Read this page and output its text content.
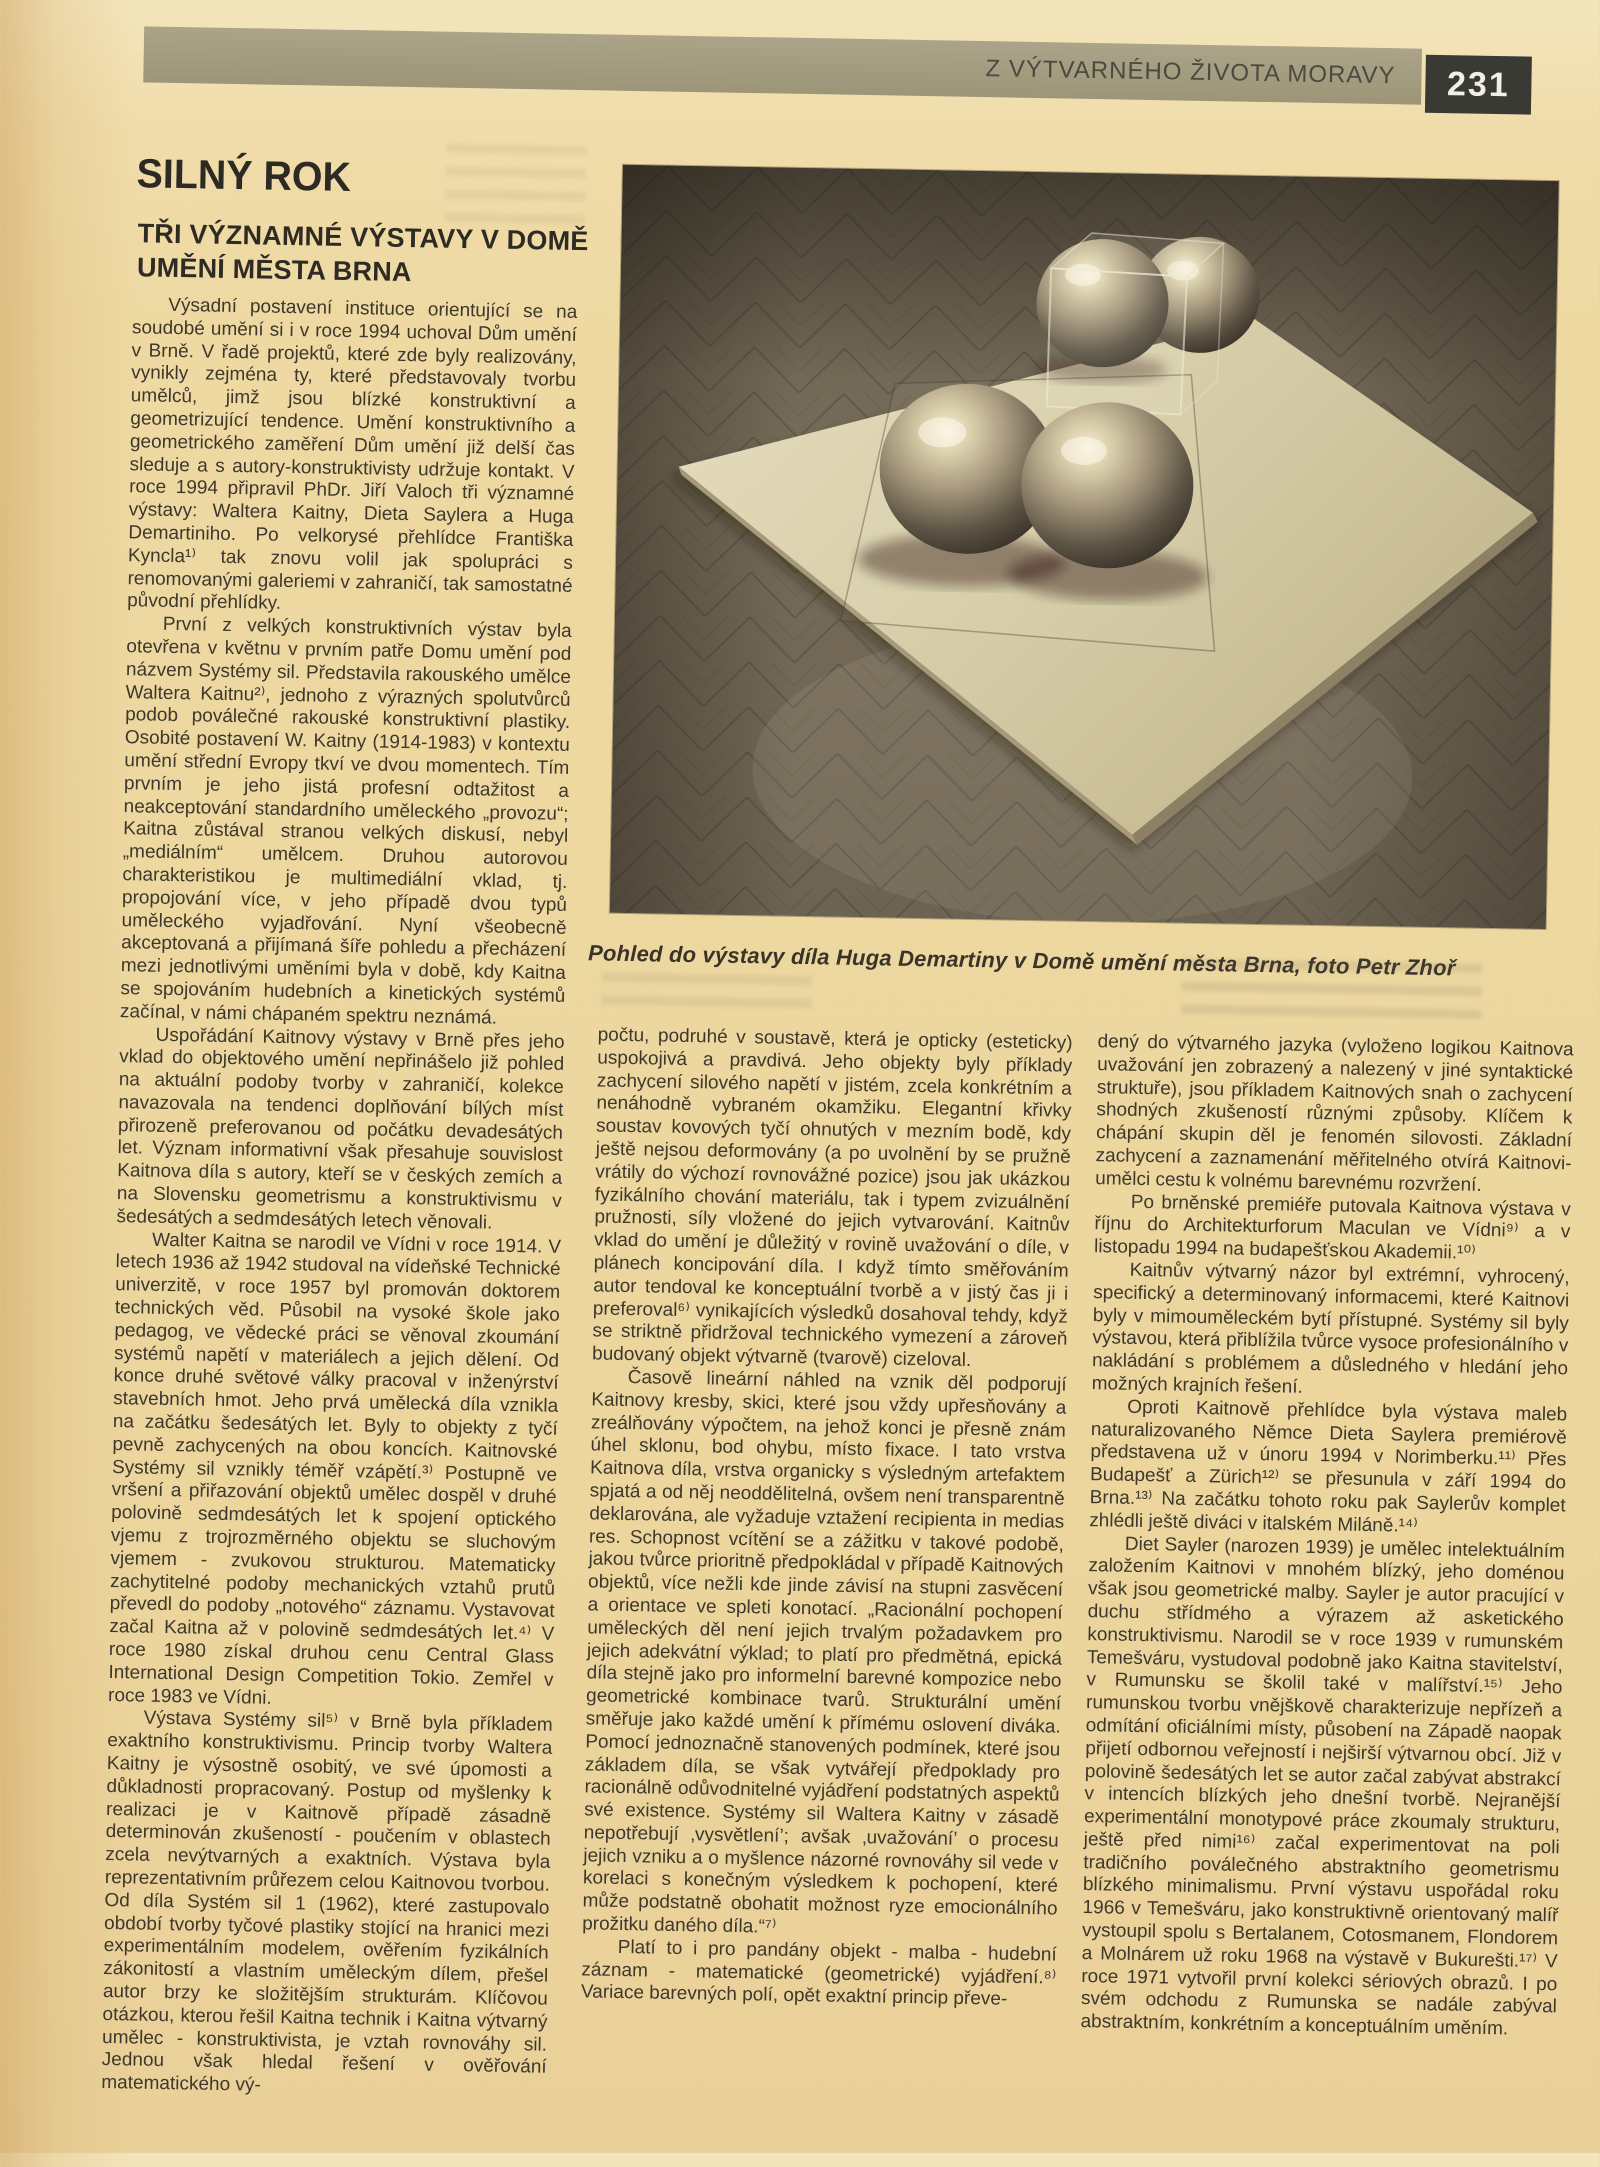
Z VÝTVARNÉHO ŽIVOTA MORAVY 231
SILNÝ ROK
TŘI VÝZNAMNÉ VÝSTAVY V DOMĚ
UMĚNÍ MĚSTA BRNA
Pohled do výstavy díla Huga Demartiny v Domě umění města Brna, foto Petr Zhoř

Výsadní postavení instituce orientující se na soudobé umění si i v roce 1994 uchoval Dům umění v Brně. V řadě projektů, které zde byly realizovány, vynikly zejména ty, které představovaly tvorbu umělců, jimž jsou blízké konstruktivní a geometrizující tendence. Umění konstruktivního a geometrického zaměření Dům umění již delší čas sleduje a s autory-konstruktivisty udržuje kontakt. V roce 1994 připravil PhDr. Jiří Valoch tři významné výstavy: Waltera Kaitny, Dieta Saylera a Huga Demartiniho. Po velkorysé přehlídce Františka Kyncla¹⁾ tak znovu volil jak spolupráci s renomovanými galeriemi v zahraničí, tak samostatné původní přehlídky.

První z velkých konstruktivních výstav byla otevřena v květnu v prvním patře Domu umění pod názvem Systémy sil. Představila rakouského umělce Waltera Kaitnu²⁾, jednoho z výrazných spolutvůrců podob poválečné rakouské konstruktivní plastiky. Osobité postavení W. Kaitny (1914-1983) v kontextu umění střední Evropy tkví ve dvou momentech. Tím prvním je jeho jistá profesní odtažitost a neakceptování standardního uměleckého „provozu“; Kaitna zůstával stranou velkých diskusí, nebyl „mediálním“ umělcem. Druhou autorovou charakteristikou je multimediální vklad, tj. propojování více, v jeho případě dvou typů uměleckého vyjadřování. Nyní všeobecně akceptovaná a přijímaná šíře pohledu a přecházení mezi jednotlivými uměními byla v době, kdy Kaitna se spojováním hudebních a kinetických systémů začínal, v námi chápaném spektru neznámá.

Uspořádání Kaitnovy výstavy v Brně přes jeho vklad do objektového umění nepřinášelo již pohled na aktuální podoby tvorby v zahraničí, kolekce navazovala na tendenci doplňování bílých míst přirozeně preferovanou od počátku devadesátých let. Význam informativní však přesahuje souvislost Kaitnova díla s autory, kteří se v českých zemích a na Slovensku geometrismu a konstruktivismu v šedesátých a sedmdesátých letech věnovali.

Walter Kaitna se narodil ve Vídni v roce 1914. V letech 1936 až 1942 studoval na vídeňské Technické univerzitě, v roce 1957 byl promován doktorem technických věd. Působil na vysoké škole jako pedagog, ve vědecké práci se věnoval zkoumání systémů napětí v materiálech a jejich dělení. Od konce druhé světové války pracoval v inženýrství stavebních hmot. Jeho prvá umělecká díla vznikla na začátku šedesátých let. Byly to objekty z tyčí pevně zachycených na obou koncích. Kaitnovské Systémy sil vznikly téměř vzápětí.³⁾ Postupně ve vršení a přiřazování objektů umělec dospěl v druhé polovině sedmdesátých let k spojení optického vjemu z trojrozměrného objektu se sluchovým vjemem - zvukovou strukturou. Matematicky zachytitelné podoby mechanických vztahů prutů převedl do podoby „notového“ záznamu. Vystavovat začal Kaitna až v polovině sedmdesátých let.⁴⁾ V roce 1980 získal druhou cenu Central Glass International Design Competition Tokio. Zemřel v roce 1983 ve Vídni.

Výstava Systémy sil⁵⁾ v Brně byla příkladem exaktního konstruktivismu. Princip tvorby Waltera Kaitny je výsostně osobitý, ve své úpomosti a důkladnosti propracovaný. Postup od myšlenky k realizaci je v Kaitnově případě zásadně determinován zkušeností - poučením v oblastech zcela nevýtvarných a exaktních. Výstava byla reprezentativním průřezem celou Kaitnovou tvorbou. Od díla Systém sil 1 (1962), které zastupovalo období tvorby tyčové plastiky stojící na hranici mezi experimentálním modelem, ověřením fyzikálních zákonitostí a vlastním uměleckým dílem, přešel autor brzy ke složitějším strukturám. Klíčovou otázkou, kterou řešil Kaitna technik i Kaitna výtvarný umělec - konstruktivista, je vztah rovnováhy sil. Jednou však hledal řešení v ověřování matematického vý-

počtu, podruhé v soustavě, která je opticky (esteticky) uspokojivá a pravdivá. Jeho objekty byly příklady zachycení silového napětí v jistém, zcela konkrétním a nenáhodně vybraném okamžiku. Elegantní křivky soustav kovových tyčí ohnutých v mezním bodě, kdy ještě nejsou deformovány (a po uvolnění by se pružně vrátily do výchozí rovnovážné pozice) jsou jak ukázkou fyzikálního chování materiálu, tak i typem zvizuálnění pružnosti, síly vložené do jejich vytvarování. Kaitnův vklad do umění je důležitý v rovině uvažování o díle, v plánech koncipování díla. I když tímto směřováním autor tendoval ke konceptuální tvorbě a v jistý čas ji i preferoval⁶⁾ vynikajících výsledků dosahoval tehdy, když se striktně přidržoval technického vymezení a zároveň budovaný objekt výtvarně (tvarově) cizeloval.

Časově lineární náhled na vznik děl podporují Kaitnovy kresby, skici, které jsou vždy upřesňovány a zreálňovány výpočtem, na jehož konci je přesně znám úhel sklonu, bod ohybu, místo fixace. I tato vrstva Kaitnova díla, vrstva organicky s výsledným artefaktem spjatá a od něj neoddělitelná, ovšem není transparentně deklarována, ale vyžaduje vztažení recipienta in medias res. Schopnost vcítění se a zážitku v takové podobě, jakou tvůrce prioritně předpokládal v případě Kaitnových objektů, více nežli kde jinde závisí na stupni zasvěcení a orientace ve spleti konotací. „Racionální pochopení uměleckých děl není jejich trvalým požadavkem pro jejich adekvátní výklad; to platí pro předmětná, epická díla stejně jako pro informelní barevné kompozice nebo geometrické kombinace tvarů. Strukturální umění směřuje jako každé umění k přímému oslovení diváka. Pomocí jednoznačně stanovených podmínek, které jsou základem díla, se však vytvářejí předpoklady pro racionálně odůvodnitelné vyjádření podstatných aspektů své existence. Systémy sil Waltera Kaitny v zásadě nepotřebují ‚vysvětlení’; avšak ‚uvažování’ o procesu jejich vzniku a o myšlence názorné rovnováhy sil vede v korelaci s konečným výsledkem k pochopení, které může podstatně obohatit možnost ryze emocionálního prožitku daného díla.“⁷⁾

Platí to i pro pandány objekt - malba - hudební záznam - matematické (geometrické) vyjádření.⁸⁾ Variace barevných polí, opět exaktní princip převe-

dený do výtvarného jazyka (vyloženo logikou Kaitnova uvažování jen zobrazený a nalezený v jiné syntaktické struktuře), jsou příkladem Kaitnových snah o zachycení shodných zkušeností různými způsoby. Klíčem k chápání skupin děl je fenomén silovosti. Základní zachycení a zaznamenání měřitelného otvírá Kaitnovi-umělci cestu k volnému barevnému rozvržení.

Po brněnské premiéře putovala Kaitnova výstava v říjnu do Architekturforum Maculan ve Vídni⁹⁾ a v listopadu 1994 na budapešťskou Akademii.¹⁰⁾

Kaitnův výtvarný názor byl extrémní, vyhrocený, specifický a determinovaný informacemi, které Kaitnovi byly v mimouměleckém bytí přístupné. Systémy sil byly výstavou, která přiblížila tvůrce vysoce profesionálního v nakládání s problémem a důsledného v hledání jeho možných krajních řešení.

Oproti Kaitnově přehlídce byla výstava maleb naturalizovaného Němce Dieta Saylera premiérově představena už v únoru 1994 v Norimberku.¹¹⁾ Přes Budapešť a Zürich¹²⁾ se přesunula v září 1994 do Brna.¹³⁾ Na začátku tohoto roku pak Saylerův komplet zhlédli ještě diváci v italském Miláně.¹⁴⁾

Diet Sayler (narozen 1939) je umělec intelektuálním založením Kaitnovi v mnohém blízký, jeho doménou však jsou geometrické malby. Sayler je autor pracující v duchu střídmého a výrazem až asketického konstruktivismu. Narodil se v roce 1939 v rumunském Temešváru, vystudoval podobně jako Kaitna stavitelství, v Rumunsku se školil také v malířství.¹⁵⁾ Jeho rumunskou tvorbu vnějškově charakterizuje nepřízeň a odmítání oficiálními místy, působení na Západě naopak přijetí odbornou veřejností i nejširší výtvarnou obcí. Již v polovině šedesátých let se autor začal zabývat abstrakcí v intencích blízkých jeho dnešní tvorbě. Nejranější experimentální monotypové práce zkoumaly strukturu, ještě před nimi¹⁶⁾ začal experimentovat na poli tradičního poválečného abstraktního geometrismu blízkého minimalismu. První výstavu uspořádal roku 1966 v Temešváru, jako konstruktivně orientovaný malíř vystoupil spolu s Bertalanem, Cotosmanem, Flondorem a Molnárem už roku 1968 na výstavě v Bukurešti.¹⁷⁾ V roce 1971 vytvořil první kolekci sériových obrazů. I po svém odchodu z Rumunska se nadále zabýval abstraktním, konkrétním a konceptuálním uměním.
